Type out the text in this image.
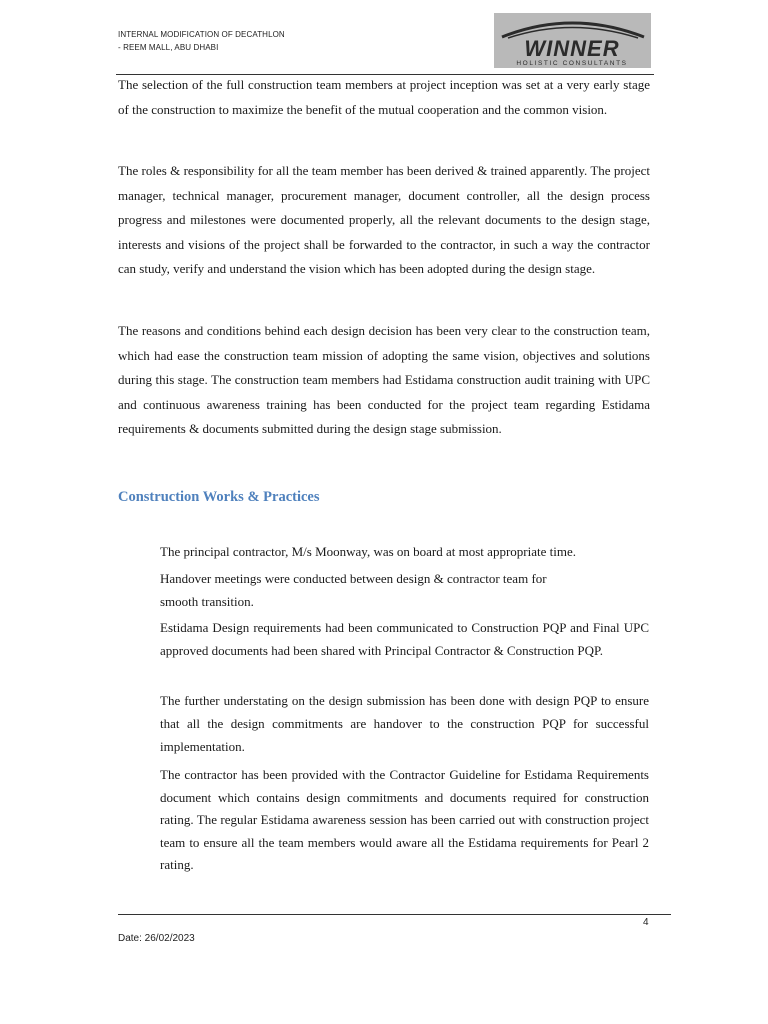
INTERNAL MODIFICATION OF DECATHLON
- REEM MALL, ABU DHABI	WINNER
HOLISTIC CONSULTANTS

The selection of the full construction team members at project inception was set at a very early stage of the construction to maximize the benefit of the mutual cooperation and the common vision.

The roles & responsibility for all the team member has been derived & trained apparently. The project manager, technical manager, procurement manager, document controller, all the design process progress and milestones were documented properly, all the relevant documents to the design stage, interests and visions of the project shall be forwarded to the contractor, in such a way the contractor can study, verify and understand the vision which has been adopted during the design stage.

The reasons and conditions behind each design decision has been very clear to the construction team, which had ease the construction team mission of adopting the same vision, objectives and solutions during this stage. The construction team members had Estidama construction audit training with UPC and continuous awareness training has been conducted for the project team regarding Estidama requirements & documents submitted during the design stage submission.

Construction Works & Practices

The principal contractor, M/s Moonway, was on board at most appropriate time.

Handover meetings were conducted between design & contractor team for smooth transition.

Estidama Design requirements had been communicated to Construction PQP and Final UPC approved documents had been shared with Principal Contractor & Construction PQP.

The further understating on the design submission has been done with design PQP to ensure that all the design commitments are handover to the construction PQP for successful implementation.

The contractor has been provided with the Contractor Guideline for Estidama Requirements document which contains design commitments and documents required for construction rating. The regular Estidama awareness session has been carried out with construction project team to ensure all the team members would aware all the Estidama requirements for Pearl 2 rating.

4
Date: 26/02/2023
